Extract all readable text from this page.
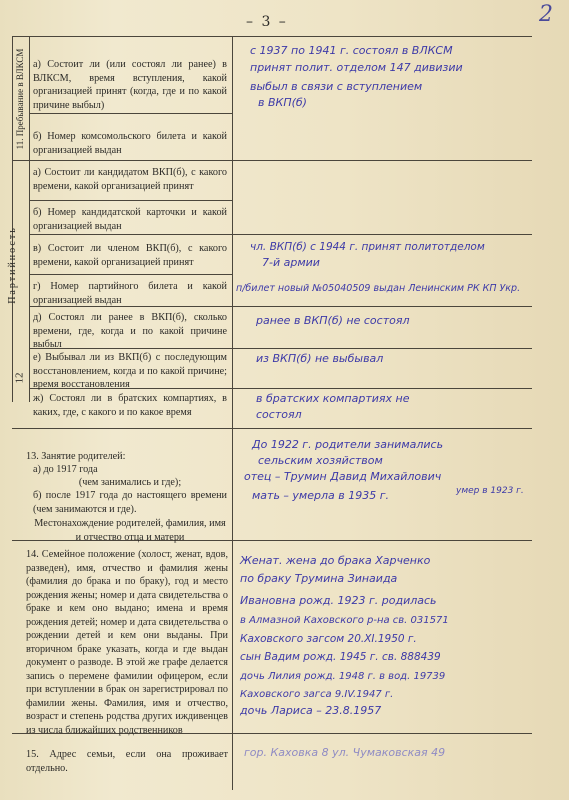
– 3 –	2
11. Пребывание в ВЛКСМ а) Состоит ли (или состоял ли ранее) в ВЛКСМ, время вступления, какой организацией принят (когда, где и по какой причине выбыл)
б) Номер комсомольского билета и какой организацией выдан
с 1937 по 1941 г. состоял в ВЛКСМ
принят полит. отделом 147 дивизии
выбыл в связи с вступлением
в ВКП(б)
Партийность
12
а) Состоит ли кандидатом ВКП(б), с какого времени, какой организацией принят
б) Номер кандидатской карточки и какой организацией выдан
в) Состоит ли членом ВКП(б), с какого времени, какой организацией принят
г) Номер партийного билета и какой организацией выдан
д) Состоял ли ранее в ВКП(б), сколько времени, где, когда и по какой причине выбыл
е) Выбывал ли из ВКП(б) с последующим восстановлением, когда и по какой причине; время восстановления
ж) Состоял ли в братских компартиях, в каких, где, с какого и по какое время
чл. ВКП(б) с 1944 г. принят политотделом
7-й армии
п/билет новый №05040509 выдан Ленинским РК КП Укр.
ранее в ВКП(б) не состоял
из ВКП(б) не выбывал
в братских компартиях не
состоял
13. Занятие родителей:
а) до 1917 года
(чем занимались и где);
б) после 1917 года до настоящего времени (чем занимаются и где).
Местонахождение родителей, фамилия, имя и отчество отца и матери
До 1922 г. родители занимались
сельским хозяйством
отец – Трумин Давид Михайлович
умер в 1923 г.
мать – умерла в 1935 г.
14. Семейное положение (холост, женат, вдов, разведен), имя, отчество и фамилия жены (фамилия до брака и по браку), год и место рождения жены; номер и дата свидетельства о браке и кем оно выдано; имена и время рождения детей; номер и дата свидетельства о рождении детей и кем они выданы. При вторичном браке указать, когда и где выдан документ о разводе. В этой же графе делается запись о перемене фамилии офицером, если при вступлении в брак он зарегистрировал по фамилии жены. Фамилия, имя и отчество, возраст и степень родства других иждивенцев из числа ближайших родственников
Женат. жена до брака Харченко
по браку Трумина Зинаида
Ивановна рожд. 1923 г. родилась
в Алмазной Каховского р-на св. 031571
Каховского загсом 20.XI.1950 г.
сын Вадим рожд. 1945 г. св. 888439
дочь Лилия рожд. 1948 г. в вод. 19739
Каховского загса 9.IV.1947 г.
дочь Лариса – 23.8.1957
15. Адрес семьи, если она проживает отдельно.
гор. Каховка 8 ул. Чумаковская 49
